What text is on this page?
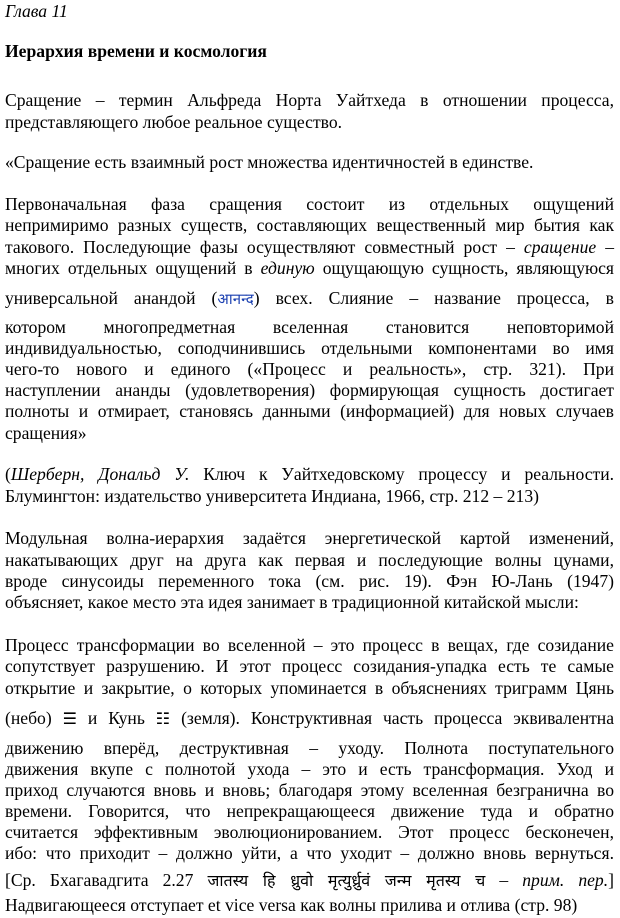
Глава 11
Иерархия времени и космология
Сращение – термин Альфреда Норта Уайтхеда в отношении процесса,
представляющего любое реальное существо.
«Сращение есть взаимный рост множества идентичностей в единстве.
Первоначальная фаза сращения состоит из отдельных ощущений
непримиримо разных существ, составляющих вещественный мир бытия как
такового. Последующие фазы осуществляют совместный рост – сращение –
многих отдельных ощущений в единую ощущающую сущность, являющуюся
универсальной анандой (आनन्द) всех. Слияние – название процесса, в
котором многопредметная вселенная становится неповторимой
индивидуальностью, соподчинившись отдельными компонентами во имя
чего-то нового и единого («Процесс и реальность», стр. 321). При
наступлении ананды (удовлетворения) формирующая сущность достигает
полноты и отмирает, становясь данными (информацией) для новых случаев
сращения»
(Шерберн, Дональд У. Ключ к Уайтхедовскому процессу и реальности.
Блумингтон: издательство университета Индиана, 1966, стр. 212 – 213)
Модульная волна-иерархия задаётся энергетической картой изменений,
накатывающих друг на друга как первая и последующие волны цунами,
вроде синусоиды переменного тока (см. рис. 19). Фэн Ю-Лань (1947)
объясняет, какое место эта идея занимает в традиционной китайской мысли:
Процесс трансформации во вселенной – это процесс в вещах, где созидание
сопутствует разрушению. И этот процесс созидания-упадка есть те самые
открытие и закрытие, о которых упоминается в объяснениях триграмм Цянь
(небо) ☰ и Кунь ☷ (земля). Конструктивная часть процесса эквивалентна
движению вперёд, деструктивная – уходу. Полнота поступательного
движения вкупе с полнотой ухода – это и есть трансформация. Уход и
приход случаются вновь и вновь; благодаря этому вселенная безгранична во
времени. Говорится, что непрекращающееся движение туда и обратно
считается эффективным эволюционированием. Этот процесс бесконечен,
ибо: что приходит – должно уйти, а что уходит – должно вновь вернуться.
[Ср. Бхагавадгита 2.27 जातस्य हि ध्रुवो मृत्युर्ध्रुवं जन्म मृतस्य च – прим. пер.]
Надвигающееся отступает et vice versa как волны прилива и отлива (стр. 98)
